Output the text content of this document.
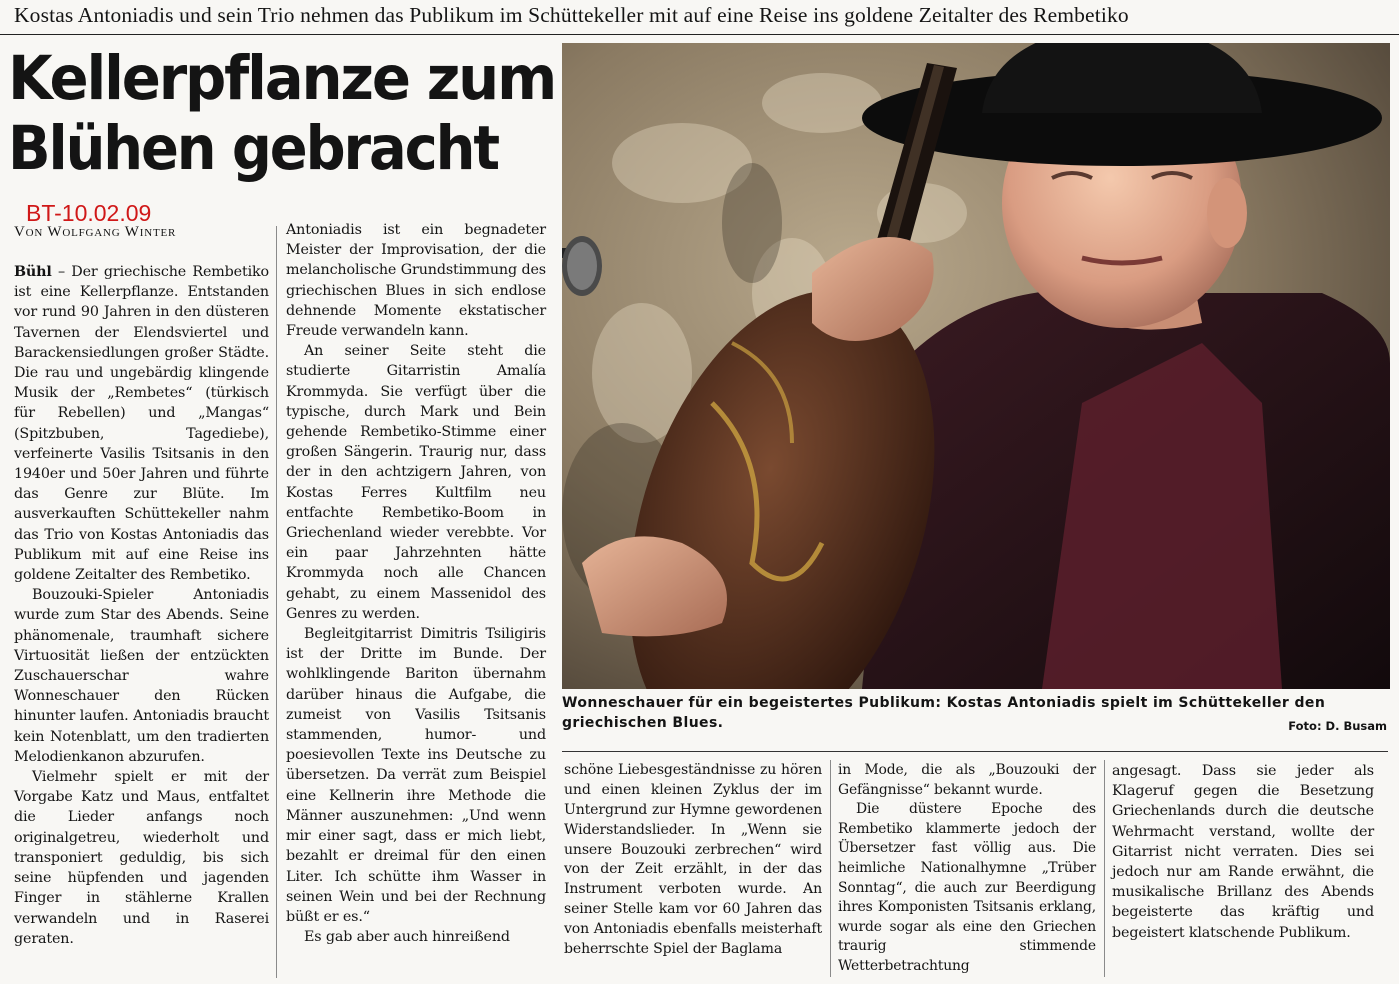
Kostas Antoniadis und sein Trio nehmen das Publikum im Schüttekeller mit auf eine Reise ins goldene Zeitalter des Rembetiko
Kellerpflanze zum
Blühen gebracht
BT-10.02.09
Von Wolfgang Winter

Bühl – Der griechische Rembetiko ist eine Kellerpflanze. Entstanden vor rund 90 Jahren in den düsteren Tavernen der Elendsviertel und Barackensiedlungen großer Städte. Die rau und ungebärdig klingende Musik der „Rembetes“ (türkisch für Rebellen) und „Mangas“ (Spitzbuben, Tagediebe), verfeinerte Vasilis Tsitsanis in den 1940er und 50er Jahren und führte das Genre zur Blüte. Im ausverkauften Schüttekeller nahm das Trio von Kostas Antoniadis das Publikum mit auf eine Reise ins goldene Zeitalter des Rembetiko.

Bouzouki-Spieler Antoniadis wurde zum Star des Abends. Seine phänomenale, traumhaft sichere Virtuosität ließen der entzückten Zuschauerschar wahre Wonneschauer den Rücken hinunter laufen. Antoniadis braucht kein Notenblatt, um den tradierten Melodienkanon abzurufen.

Vielmehr spielt er mit der Vorgabe Katz und Maus, entfaltet die Lieder anfangs noch originalgetreu, wiederholt und transponiert geduldig, bis sich seine hüpfenden und jagenden Finger in stählerne Krallen verwandeln und in Raserei geraten.

Antoniadis ist ein begnadeter Meister der Improvisation, der die melancholische Grundstimmung des griechischen Blues in sich endlose dehnende Momente ekstatischer Freude verwandeln kann.

An seiner Seite steht die studierte Gitarristin Amalía Krommyda. Sie verfügt über die typische, durch Mark und Bein gehende Rembetiko-Stimme einer großen Sängerin. Traurig nur, dass der in den achtzigern Jahren, von Kostas Ferres Kultfilm neu entfachte Rembetiko-Boom in Griechenland wieder verebbte. Vor ein paar Jahrzehnten hätte Krommyda noch alle Chancen gehabt, zu einem Massenidol des Genres zu werden.

Begleitgitarrist Dimitris Tsiligiris ist der Dritte im Bunde. Der wohlklingende Bariton übernahm darüber hinaus die Aufgabe, die zumeist von Vasilis Tsitsanis stammenden, humor- und poesievollen Texte ins Deutsche zu übersetzen. Da verrät zum Beispiel eine Kellnerin ihre Methode die Männer auszunehmen: „Und wenn mir einer sagt, dass er mich liebt, bezahlt er dreimal für den einen Liter. Ich schütte ihm Wasser in seinen Wein und bei der Rechnung büßt er es.“

Es gab aber auch hinreißend

schöne Liebesgeständnisse zu hören und einen kleinen Zyklus der im Untergrund zur Hymne gewordenen Widerstandslieder. In „Wenn sie unsere Bouzouki zerbrechen“ wird von der Zeit erzählt, in der das Instrument verboten wurde. An seiner Stelle kam vor 60 Jahren das von Antoniadis ebenfalls meisterhaft beherrschte Spiel der Baglama

in Mode, die als „Bouzouki der Gefängnisse“ bekannt wurde.

Die düstere Epoche des Rembetiko klammerte jedoch der Übersetzer fast völlig aus. Die heimliche Nationalhymne „Trüber Sonntag“, die auch zur Beerdigung ihres Komponisten Tsitsanis erklang, wurde sogar als eine den Griechen traurig stimmende Wetterbetrachtung

angesagt. Dass sie jeder als Klageruf gegen die Besetzung Griechenlands durch die deutsche Wehrmacht verstand, wollte der Gitarrist nicht verraten. Dies sei jedoch nur am Rande erwähnt, die musikalische Brillanz des Abends begeisterte das kräftig und begeistert klatschende Publikum.

Wonneschauer für ein begeistertes Publikum: Kostas Antoniadis spielt im Schüttekeller den griechischen Blues.	Foto: D. Busam
